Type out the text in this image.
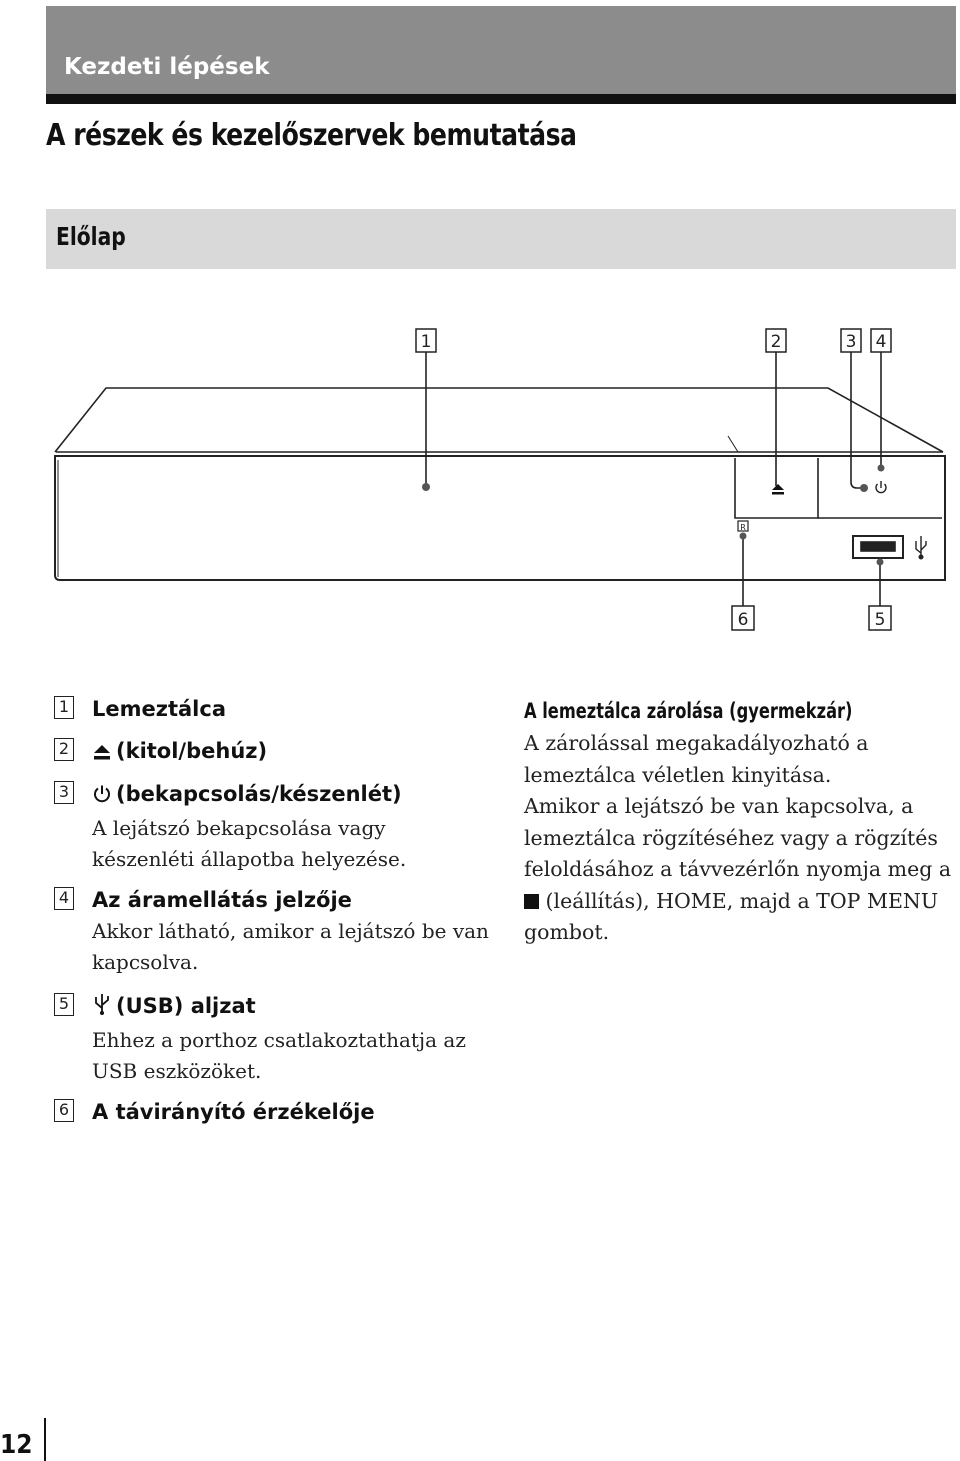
Kezdeti lépések
A részek és kezelőszervek bemutatása
Előlap
R
1	2	3 4
5
6
1 Lemeztálca
2	(kitol/behúz)
3	(bekapcsolás/készenlét)
A lejátszó bekapcsolása vagy készenléti állapotba helyezése.
4 Az áramellátás jelzője
Akkor látható, amikor a lejátszó be van kapcsolva.
5	(USB) aljzat
Ehhez a porthoz csatlakoztathatja az USB eszközöket.
6 A távirányító érzékelője
A lemeztálca zárolása (gyermekzár)
A zárolással megakadályozható a lemeztálca véletlen kinyitása.
Amikor a lejátszó be van kapcsolva, a lemeztálca rögzítéséhez vagy a rögzítés feloldásához a távvezérlőn nyomja meg a  (leállítás), HOME, majd a TOP MENU gombot.
12
